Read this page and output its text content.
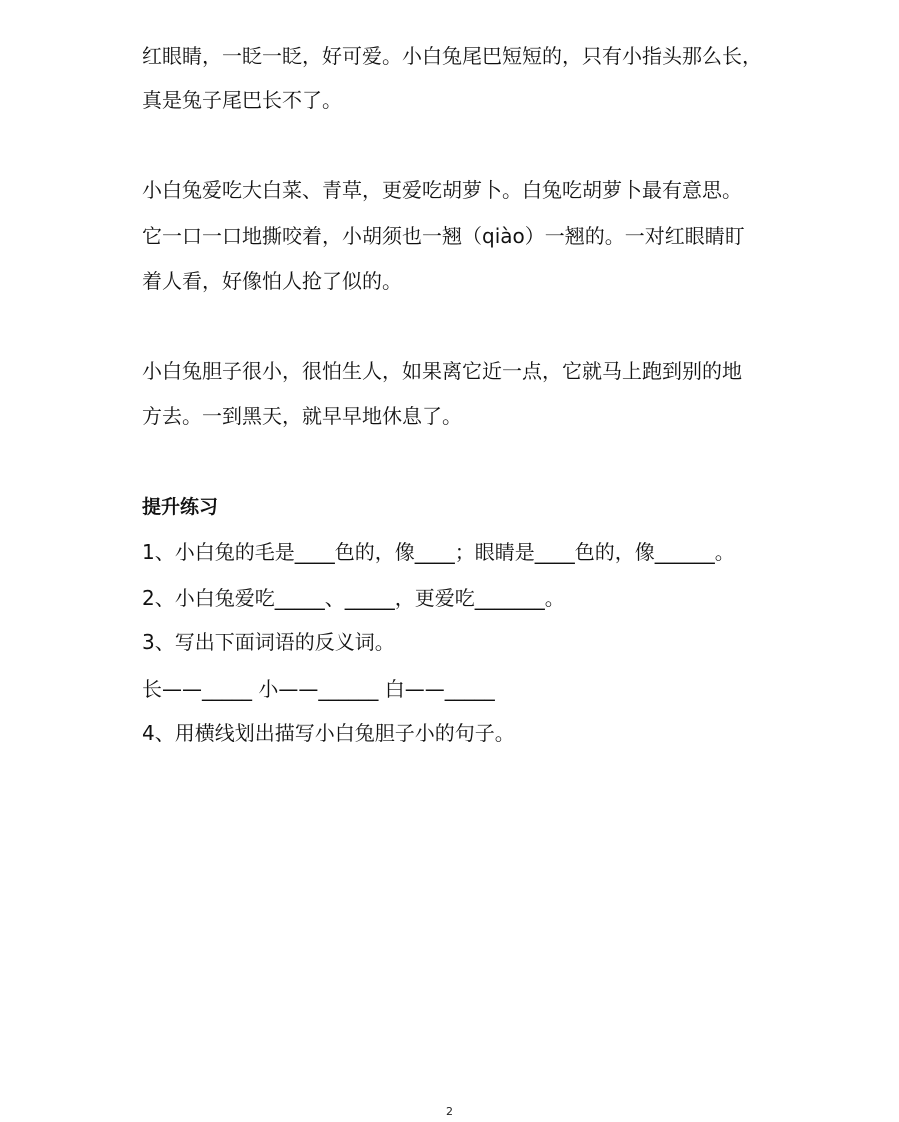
红眼睛，一眨一眨，好可爱。小白兔尾巴短短的，只有小指头那么长，
真是兔子尾巴长不了。
小白兔爱吃大白菜、青草，更爱吃胡萝卜。白兔吃胡萝卜最有意思。
它一口一口地撕咬着，小胡须也一翘（qiào）一翘的。一对红眼睛盯
着人看，好像怕人抢了似的。
小白兔胆子很小，很怕生人，如果离它近一点，它就马上跑到别的地
方去。一到黑天，就早早地休息了。
提升练习
1、小白兔的毛是____色的，像____；眼睛是____色的，像______。
2、小白兔爱吃_____、_____，更爱吃_______。
3、写出下面词语的反义词。
长——_____ 小——______ 白——_____
4、用横线划出描写小白兔胆子小的句子。
2
